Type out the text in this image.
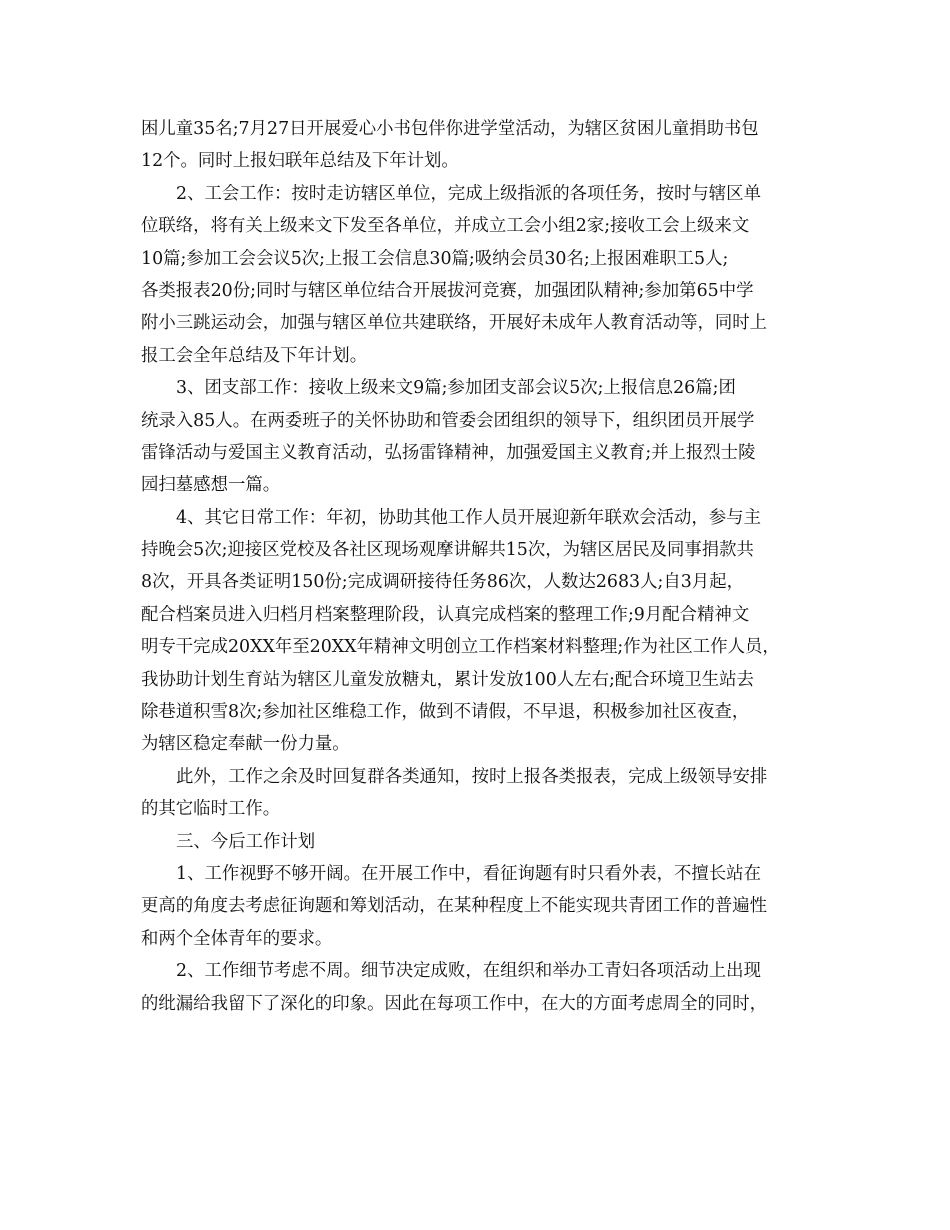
困儿童35名;7月27日开展爱心小书包伴你进学堂活动，为辖区贫困儿童捐助书包
12个。同时上报妇联年总结及下年计划。
2、工会工作：按时走访辖区单位，完成上级指派的各项任务，按时与辖区单
位联络，将有关上级来文下发至各单位，并成立工会小组2家;接收工会上级来文
10篇;参加工会会议5次;上报工会信息30篇;吸纳会员30名;上报困难职工5人;
各类报表20份;同时与辖区单位结合开展拔河竞赛，加强团队精神;参加第65中学
附小三跳运动会，加强与辖区单位共建联络，开展好未成年人教育活动等，同时上
报工会全年总结及下年计划。
3、团支部工作：接收上级来文9篇;参加团支部会议5次;上报信息26篇;团
统录入85人。在两委班子的关怀协助和管委会团组织的领导下，组织团员开展学
雷锋活动与爱国主义教育活动，弘扬雷锋精神，加强爱国主义教育;并上报烈士陵
园扫墓感想一篇。
4、其它日常工作：年初，协助其他工作人员开展迎新年联欢会活动，参与主
持晚会5次;迎接区党校及各社区现场观摩讲解共15次，为辖区居民及同事捐款共
8次，开具各类证明150份;完成调研接待任务86次，人数达2683人;自3月起，
配合档案员进入归档月档案整理阶段，认真完成档案的整理工作;9月配合精神文
明专干完成20XX年至20XX年精神文明创立工作档案材料整理;作为社区工作人员，
我协助计划生育站为辖区儿童发放糖丸，累计发放100人左右;配合环境卫生站去
除巷道积雪8次;参加社区维稳工作，做到不请假，不早退，积极参加社区夜查，
为辖区稳定奉献一份力量。
此外，工作之余及时回复群各类通知，按时上报各类报表，完成上级领导安排
的其它临时工作。
三、今后工作计划
1、工作视野不够开阔。在开展工作中，看征询题有时只看外表，不擅长站在
更高的角度去考虑征询题和筹划活动，在某种程度上不能实现共青团工作的普遍性
和两个全体青年的要求。
2、工作细节考虑不周。细节决定成败，在组织和举办工青妇各项活动上出现
的纰漏给我留下了深化的印象。因此在每项工作中，在大的方面考虑周全的同时，
